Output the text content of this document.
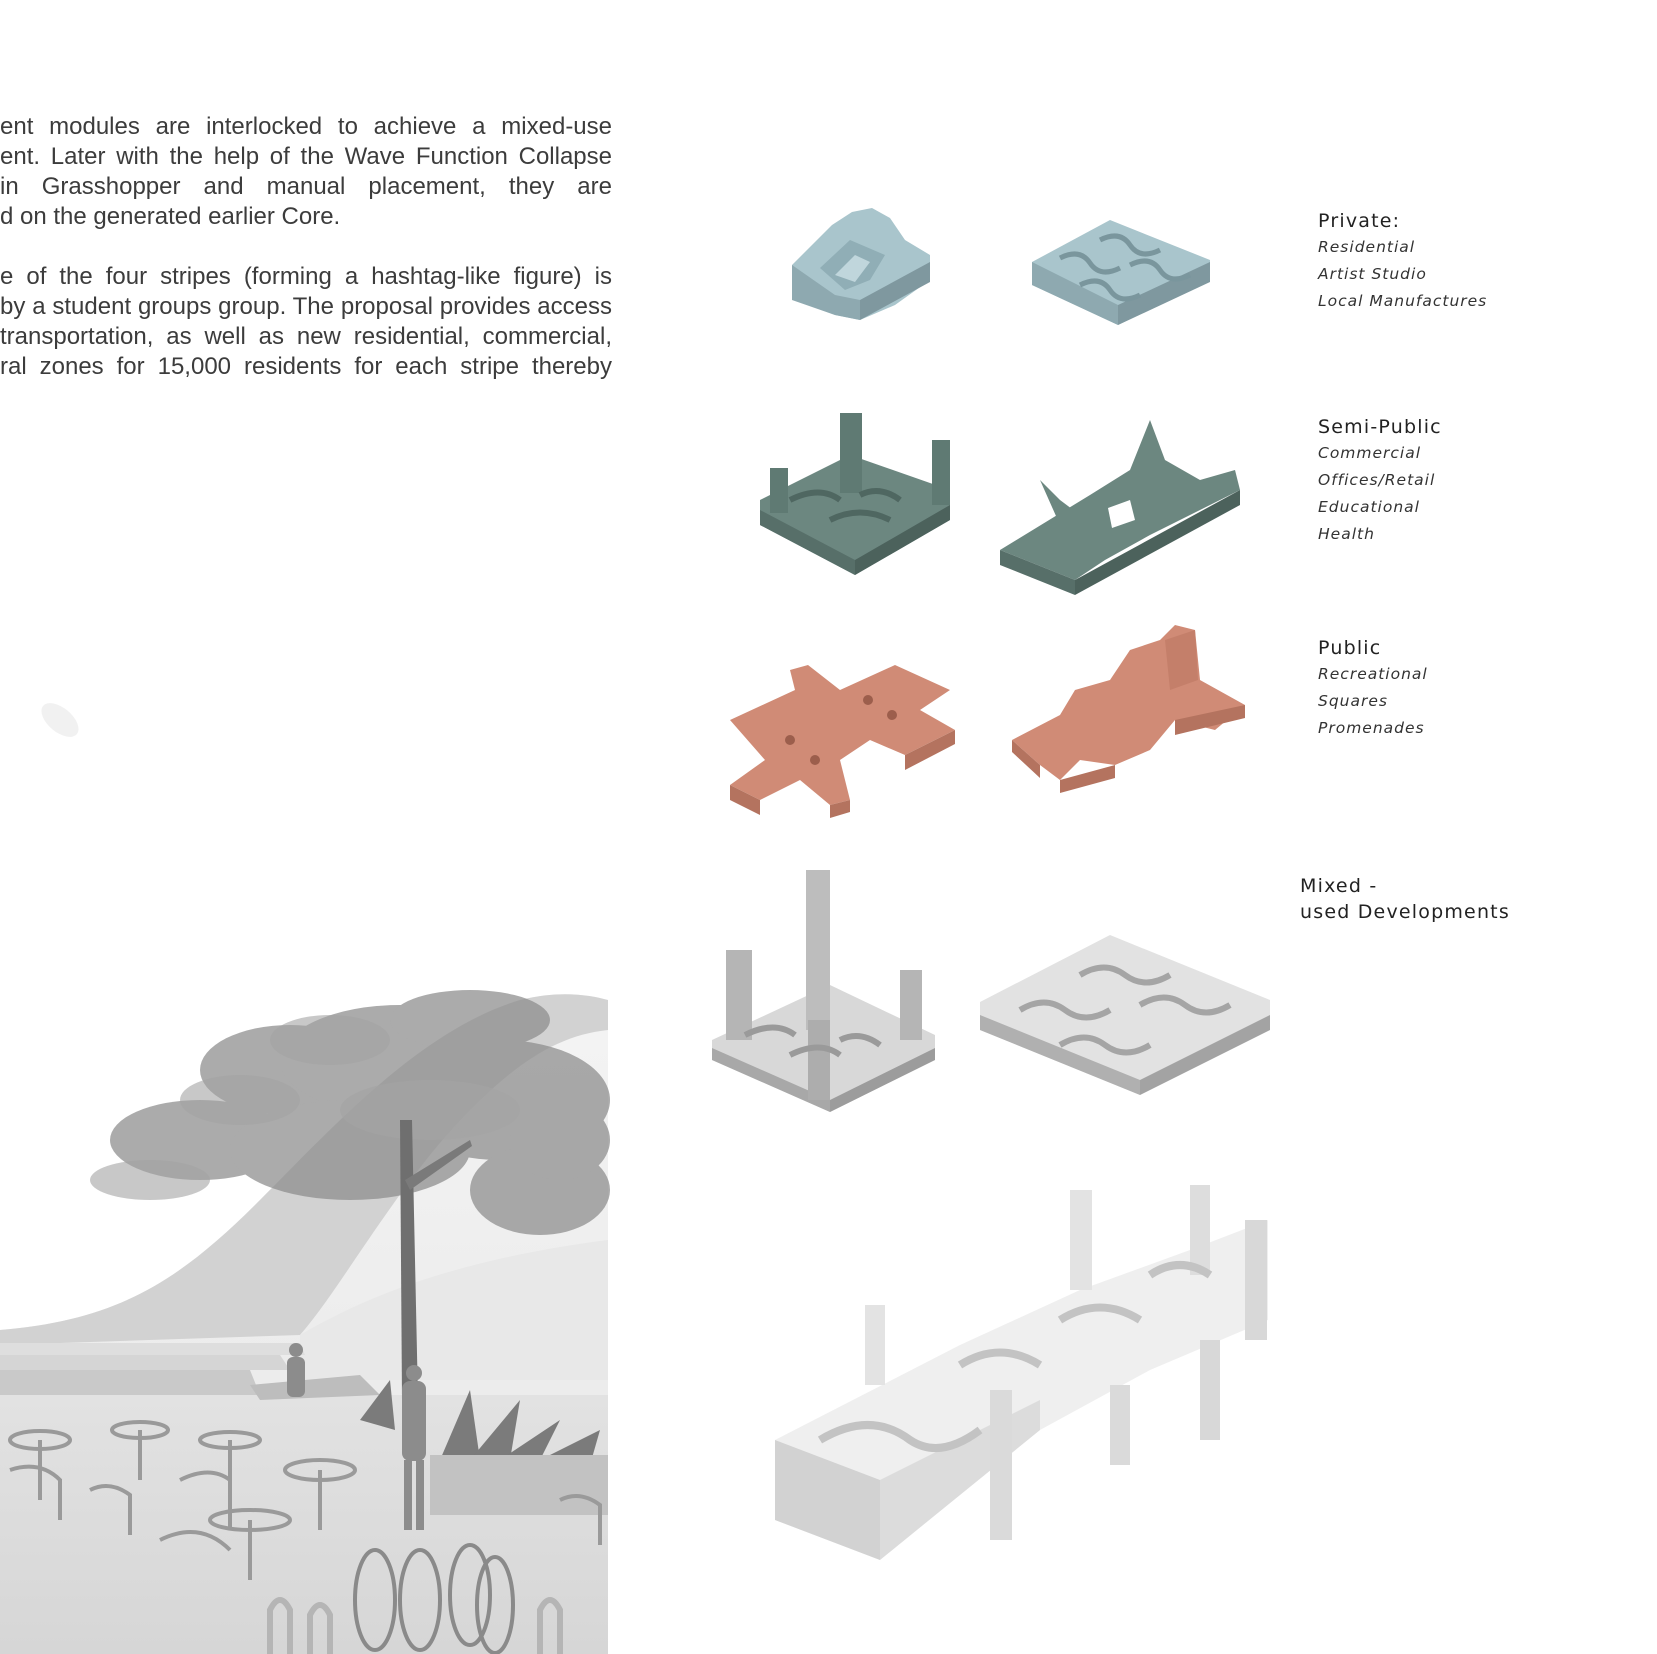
ent modules are interlocked to achieve a mixed-use
ent. Later with the help of the Wave Function Collapse
in Grasshopper and manual placement, they are
d on the generated earlier Core.
e of the four stripes (forming a hashtag-like figure) is
by a student groups group. The proposal provides access
transportation, as well as new residential, commercial,
ral zones for 15,000 residents for each stripe thereby
Private:
Residential
Artist Studio
Local Manufactures
Semi-Public
Commercial
Offices/Retail
Educational
Health
Public
Recreational
Squares
Promenades
Mixed -
used Developments
